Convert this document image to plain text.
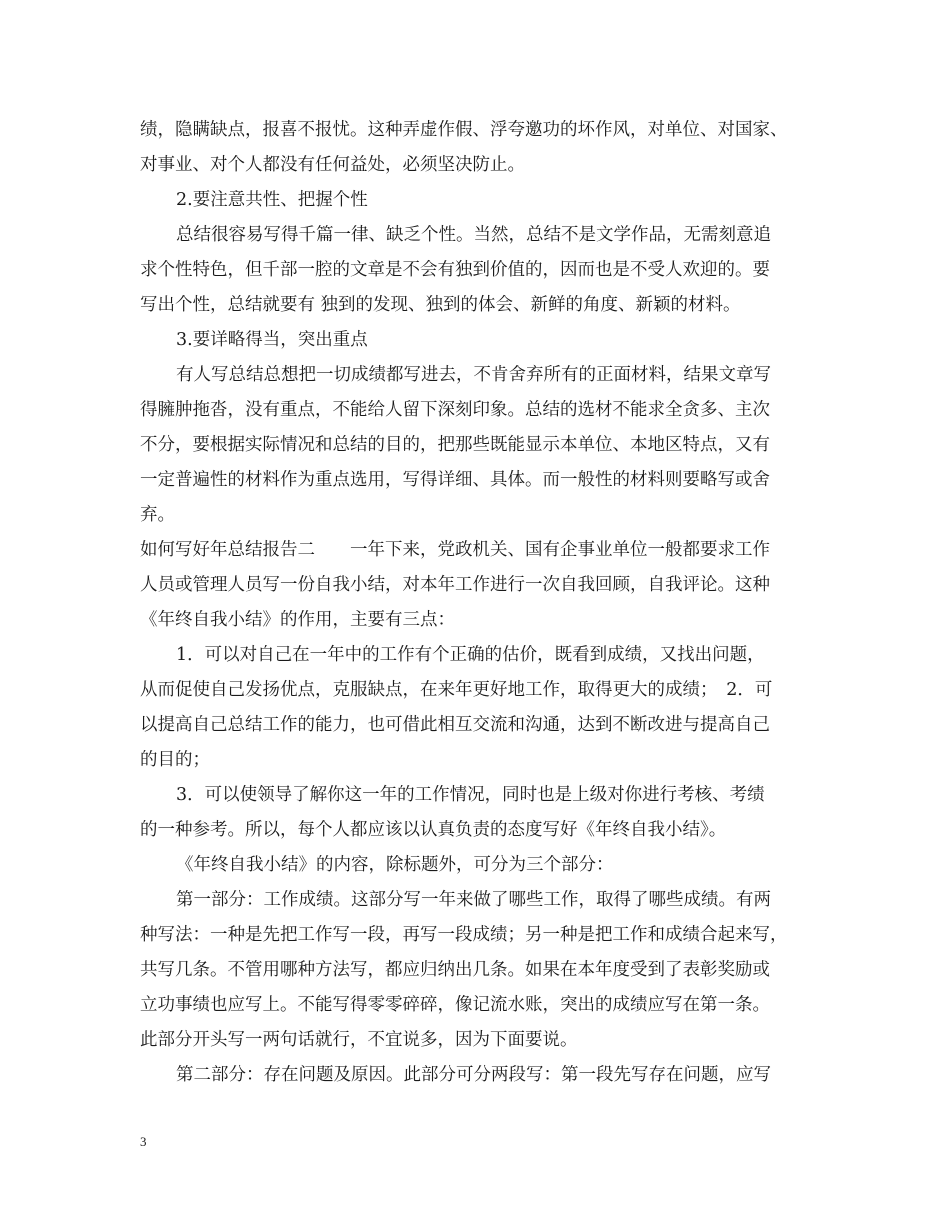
绩，隐瞒缺点，报喜不报忧。这种弄虚作假、浮夸邀功的坏作风，对单位、对国家、
对事业、对个人都没有任何益处，必须坚决防止。
2.要注意共性、把握个性
总结很容易写得千篇一律、缺乏个性。当然，总结不是文学作品，无需刻意追
求个性特色，但千部一腔的文章是不会有独到价值的，因而也是不受人欢迎的。要
写出个性，总结就要有 独到的发现、独到的体会、新鲜的角度、新颖的材料。
3.要详略得当，突出重点
有人写总结总想把一切成绩都写进去，不肯舍弃所有的正面材料，结果文章写
得臃肿拖沓，没有重点，不能给人留下深刻印象。总结的选材不能求全贪多、主次
不分，要根据实际情况和总结的目的，把那些既能显示本单位、本地区特点，又有
一定普遍性的材料作为重点选用，写得详细、具体。而一般性的材料则要略写或舍
弃。
如何写好年总结报告二　　一年下来，党政机关、国有企事业单位一般都要求工作
人员或管理人员写一份自我小结，对本年工作进行一次自我回顾，自我评论。这种
《年终自我小结》的作用，主要有三点：
1．可以对自己在一年中的工作有个正确的估价，既看到成绩，又找出问题，
从而促使自己发扬优点，克服缺点，在来年更好地工作，取得更大的成绩；　2．可
以提高自己总结工作的能力，也可借此相互交流和沟通，达到不断改进与提高自己
的目的；
3．可以使领导了解你这一年的工作情况，同时也是上级对你进行考核、考绩
的一种参考。所以，每个人都应该以认真负责的态度写好《年终自我小结》。
《年终自我小结》的内容，除标题外，可分为三个部分：
第一部分：工作成绩。这部分写一年来做了哪些工作，取得了哪些成绩。有两
种写法：一种是先把工作写一段，再写一段成绩；另一种是把工作和成绩合起来写，
共写几条。不管用哪种方法写，都应归纳出几条。如果在本年度受到了表彰奖励或
立功事绩也应写上。不能写得零零碎碎，像记流水账，突出的成绩应写在第一条。
此部分开头写一两句话就行，不宜说多，因为下面要说。
第二部分：存在问题及原因。此部分可分两段写：第一段先写存在问题，应写
3
